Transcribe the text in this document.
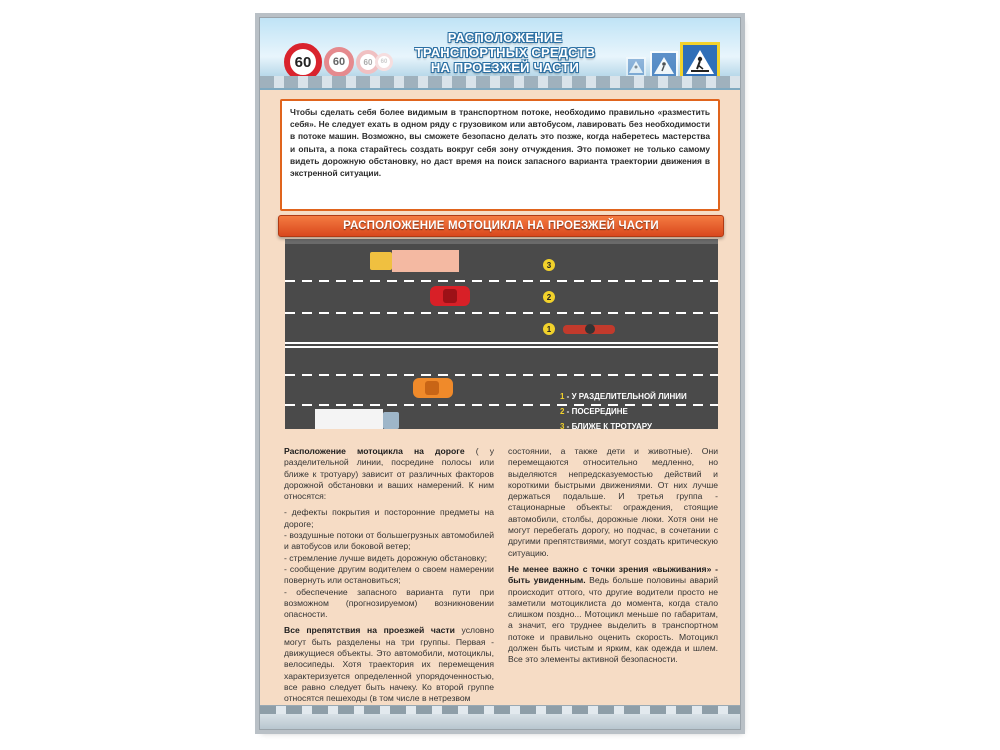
60	60	60	60
РАСПОЛОЖЕНИЕ
ТРАНСПОРТНЫХ СРЕДСТВ
НА ПРОЕЗЖЕЙ ЧАСТИ
Чтобы сделать себя более видимым в транспортном потоке, необходимо правильно «разместить себя». Не следует ехать в одном ряду с грузовиком или автобусом, лавировать без необходимости в потоке машин. Возможно, вы сможете безопасно делать это позже, когда наберетесь мастерства и опыта, а пока старайтесь создать вокруг себя зону отчуждения. Это поможет не только самому видеть дорожную обстановку, но даст время на поиск запасного варианта траектории движения в экстренной ситуации.
3
2
1
1 - У РАЗДЕЛИТЕЛЬНОЙ ЛИНИИ
2 - ПОСЕРЕДИНЕ
3 - БЛИЖЕ К ТРОТУАРУ
РАСПОЛОЖЕНИЕ МОТОЦИКЛА НА ПРОЕЗЖЕЙ ЧАСТИ

Расположение мотоцикла на дороге ( у разделительной линии, посредине полосы или ближе к тротуару) зависит от различных факторов дорожной обстановки и ваших намерений. К ним относятся:

- дефекты покрытия и посторонние предметы на дороге;
- воздушные потоки от большегрузных автомобилей и автобусов или боковой ветер;
- стремление лучше видеть дорожную обстановку;
- сообщение другим водителем о своем намерении повернуть или остановиться;
- обеспечение запасного варианта пути при возможном (прогнозируемом) возникновении опасности.

Все препятствия на проезжей части условно могут быть разделены на три группы. Первая - движущиеся объекты. Это автомобили, мотоциклы, велосипеды. Хотя траектория их перемещения характеризуется определенной упорядоченностью, все равно следует быть начеку. Ко второй группе относятся пешеходы (в том числе в нетрезвом

состоянии, а также дети и животные). Они перемещаются относительно медленно, но выделяются непредсказуемостью действий и короткими быстрыми движениями. От них лучше держаться подальше. И третья группа - стационарные объекты: ограждения, стоящие автомобили, столбы, дорожные люки. Хотя они не могут перебегать дорогу, но подчас, в сочетании с другими препятствиями, могут создать критическую ситуацию.

Не менее важно с точки зрения «выживания» - быть увиденным. Ведь больше половины аварий происходит оттого, что другие водители просто не заметили мотоциклиста до момента, когда стало слишком поздно... Мотоцикл меньше по габаритам, а значит, его труднее выделить в транспортном потоке и правильно оценить скорость. Мотоцикл должен быть чистым и ярким, как одежда и шлем. Все это элементы активной безопасности.
